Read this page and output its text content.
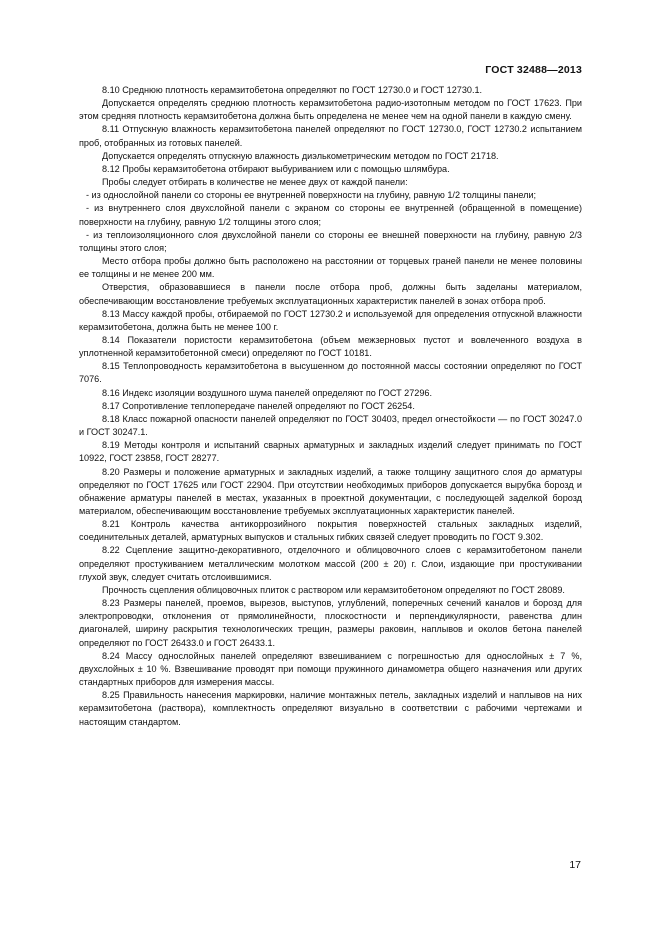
ГОСТ 32488—2013

8.10 Среднюю плотность керамзитобетона определяют по ГОСТ 12730.0 и ГОСТ 12730.1.

Допускается определять среднюю плотность керамзитобетона радио-изотопным методом по ГОСТ 17623. При этом средняя плотность керамзитобетона должна быть определена не менее чем на одной панели в каждую смену.

8.11 Отпускную влажность керамзитобетона панелей определяют по ГОСТ 12730.0, ГОСТ 12730.2 испытанием проб, отобранных из готовых панелей.

Допускается определять отпускную влажность диэлькометрическим методом по ГОСТ 21718.

8.12 Пробы керамзитобетона отбирают выбуриванием или с помощью шлямбура.

Пробы следует отбирать в количестве не менее двух от каждой панели:

- из однослойной панели со стороны ее внутренней поверхности на глубину, равную 1/2 толщины панели;

- из внутреннего слоя двухслойной панели с экраном со стороны ее внутренней (обращенной в помещение) поверхности на глубину, равную 1/2 толщины этого слоя;

- из теплоизоляционного слоя двухслойной панели со стороны ее внешней поверхности на глубину, равную 2/3 толщины этого слоя;

Место отбора пробы должно быть расположено на расстоянии от торцевых граней панели не менее половины ее толщины и не менее 200 мм.

Отверстия, образовавшиеся в панели после отбора проб, должны быть заделаны материалом, обеспечивающим восстановление требуемых эксплуатационных характеристик панелей в зонах отбора проб.

8.13 Массу каждой пробы, отбираемой по ГОСТ 12730.2 и используемой для определения отпускной влажности керамзитобетона, должна быть не менее 100 г.

8.14 Показатели пористости керамзитобетона (объем межзерновых пустот и вовлеченного воздуха в уплотненной керамзитобетонной смеси) определяют по ГОСТ 10181.

8.15 Теплопроводность керамзитобетона в высушенном до постоянной массы состоянии определяют по ГОСТ 7076.

8.16 Индекс изоляции воздушного шума панелей определяют по ГОСТ 27296.

8.17 Сопротивление теплопередаче панелей определяют по ГОСТ 26254.

8.18 Класс пожарной опасности панелей определяют по ГОСТ 30403, предел огнестойкости — по ГОСТ 30247.0 и ГОСТ 30247.1.

8.19 Методы контроля и испытаний сварных арматурных и закладных изделий следует принимать по ГОСТ 10922, ГОСТ 23858, ГОСТ 28277.

8.20 Размеры и положение арматурных и закладных изделий, а также толщину защитного слоя до арматуры определяют по ГОСТ 17625 или ГОСТ 22904. При отсутствии необходимых приборов допускается вырубка борозд и обнажение арматуры панелей в местах, указанных в проектной документации, с последующей заделкой борозд материалом, обеспечивающим восстановление требуемых эксплуатационных характеристик панелей.

8.21 Контроль качества антикоррозийного покрытия поверхностей стальных закладных изделий, соединительных деталей, арматурных выпусков и стальных гибких связей следует проводить по ГОСТ 9.302.

8.22 Сцепление защитно-декоративного, отделочного и облицовочного слоев с керамзитобетоном панели определяют простукиванием металлическим молотком массой (200 ± 20) г. Слои, издающие при простукивании глухой звук, следует считать отслоившимися.

Прочность сцепления облицовочных плиток с раствором или керамзитобетоном определяют по ГОСТ 28089.

8.23 Размеры панелей, проемов, вырезов, выступов, углублений, поперечных сечений каналов и борозд для электропроводки, отклонения от прямолинейности, плоскостности и перпендикулярности, равенства длин диагоналей, ширину раскрытия технологических трещин, размеры раковин, наплывов и околов бетона панелей определяют по ГОСТ 26433.0 и ГОСТ 26433.1.

8.24 Массу однослойных панелей определяют взвешиванием с погрешностью для однослойных ± 7 %, двухслойных ± 10 %. Взвешивание проводят при помощи пружинного динамометра общего назначения или других стандартных приборов для измерения массы.

8.25 Правильность нанесения маркировки, наличие монтажных петель, закладных изделий и наплывов на них керамзитобетона (раствора), комплектность определяют визуально в соответствии с рабочими чертежами и настоящим стандартом.

17
